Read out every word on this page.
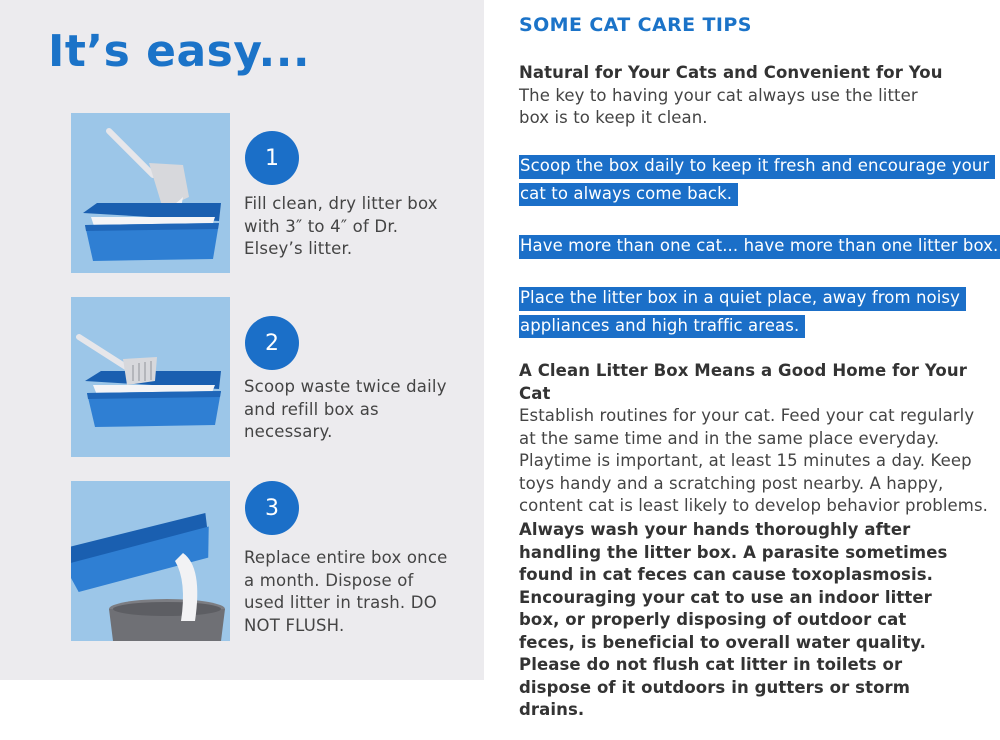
It’s easy...
1
Fill clean, dry litter box with 3″ to 4″ of Dr. Elsey’s litter.
2
Scoop waste twice daily and refill box as necessary.
3
Replace entire box once a month. Dispose of used litter in trash. DO NOT FLUSH.
SOME CAT CARE TIPS

Natural for Your Cats and Convenient for You
The key to having your cat always use the litter box is to keep it clean.

Scoop the box daily to keep it fresh and encourage your
cat to always come back.
Have more than one cat... have more than one litter box.
Place the litter box in a quiet place, away from noisy
appliances and high traffic areas.

A Clean Litter Box Means a Good Home for Your Cat
Establish routines for your cat. Feed your cat regularly at the same time and in the same place everyday. Playtime is important, at least 15 minutes a day. Keep toys handy and a scratching post nearby. A happy, content cat is least likely to develop behavior problems.

Always wash your hands thoroughly after handling the litter box. A parasite sometimes found in cat feces can cause toxoplasmosis. Encouraging your cat to use an indoor litter box, or properly disposing of outdoor cat feces, is beneficial to overall water quality. Please do not flush cat litter in toilets or dispose of it outdoors in gutters or storm drains.
